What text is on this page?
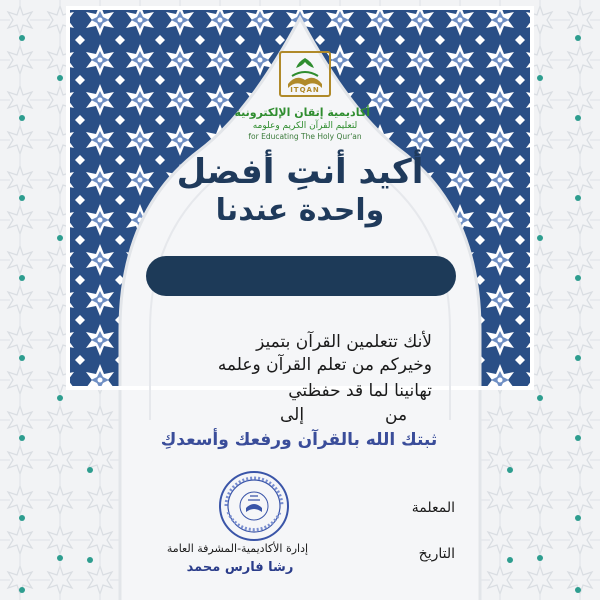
ITQAN
أكاديمية إتقان الإلكترونية
لتعليم القرآن الكريم وعلومه
for Educating The Holy Qur'an
أكيد أنتِ أفضل
واحدة عندنا
لأنك تتعلمين القرآن بتميز
وخيركم من تعلم القرآن وعلمه
تهانينا لما قد حفظتي
من
إلى
ثبتك الله بالقرآن ورفعك وأسعدكِ
المعلمة
التاريخ
إدارة الأكاديمية-المشرفة العامة
رشا فارس محمد
